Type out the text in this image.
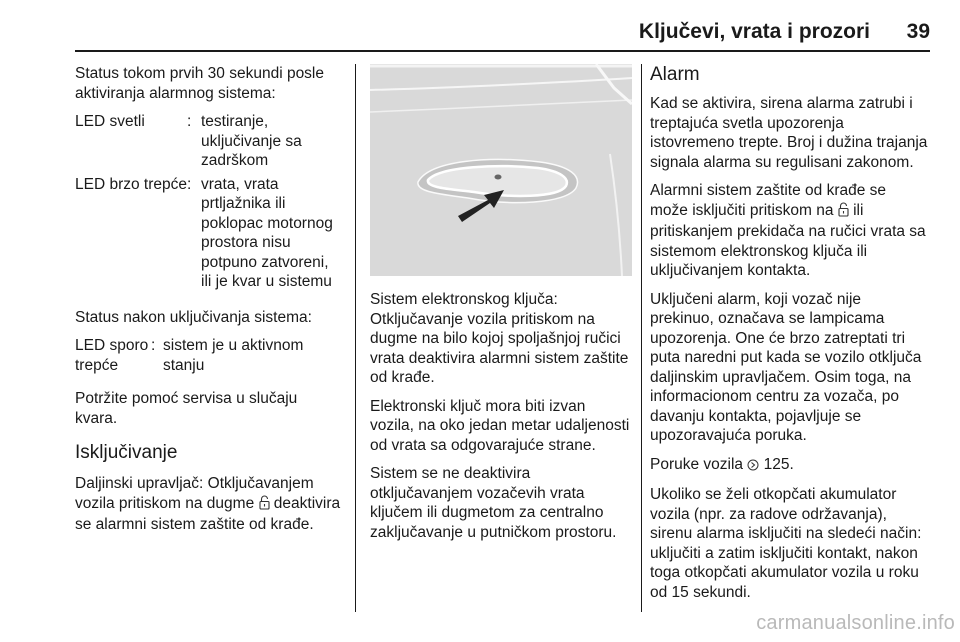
Ključevi, vrata i prozori	39

Status tokom prvih 30 sekundi posle aktiviranja alarmnog sistema:

LED svetli	: testiranje, uključivanje sa zadrškom
LED brzo trepće : vrata, vrata prtljažnika ili poklopac motornog prostora nisu potpuno zatvoreni, ili je kvar u sistemu

Status nakon uključivanja sistema:

LED sporo trepće
: sistem je u aktivnom stanju

Potržite pomoć servisa u slučaju kvara.

Isključivanje

Daljinski upravljač: Otključavanjem vozila pritiskom na dugme  deaktivira se alarmni sistem zaštite od krađe.

Sistem elektronskog ključa: Otključavanje vozila pritiskom na dugme na bilo kojoj spoljašnjoj ručici vrata deaktivira alarmni sistem zaštite od krađe.

Elektronski ključ mora biti izvan vozila, na oko jedan metar udaljenosti od vrata sa odgovarajuće strane.

Sistem se ne deaktivira otključavanjem vozačevih vrata ključem ili dugmetom za centralno zaključavanje u putničkom prostoru.

Alarm

Kad se aktivira, sirena alarma zatrubi i treptajuća svetla upozorenja istovremeno trepte. Broj i dužina trajanja signala alarma su regulisani zakonom.

Alarmni sistem zaštite od krađe se može isključiti pritiskom na  ili pritiskanjem prekidača na ručici vrata sa sistemom elektronskog ključa ili uključivanjem kontakta.

Uključeni alarm, koji vozač nije prekinuo, označava se lampicama upozorenja. One će brzo zatreptati tri puta naredni put kada se vozilo otključa daljinskim upravljačem. Osim toga, na informacionom centru za vozača, po davanju kontakta, pojavljuje se upozoravajuća poruka.

Poruke vozila  125.

Ukoliko se želi otkopčati akumulator vozila (npr. za radove održavanja), sirenu alarma isključiti na sledeći način: uključiti a zatim isključiti kontakt, nakon toga otkopčati akumulator vozila u roku od 15 sekundi.

carmanualsonline.info
